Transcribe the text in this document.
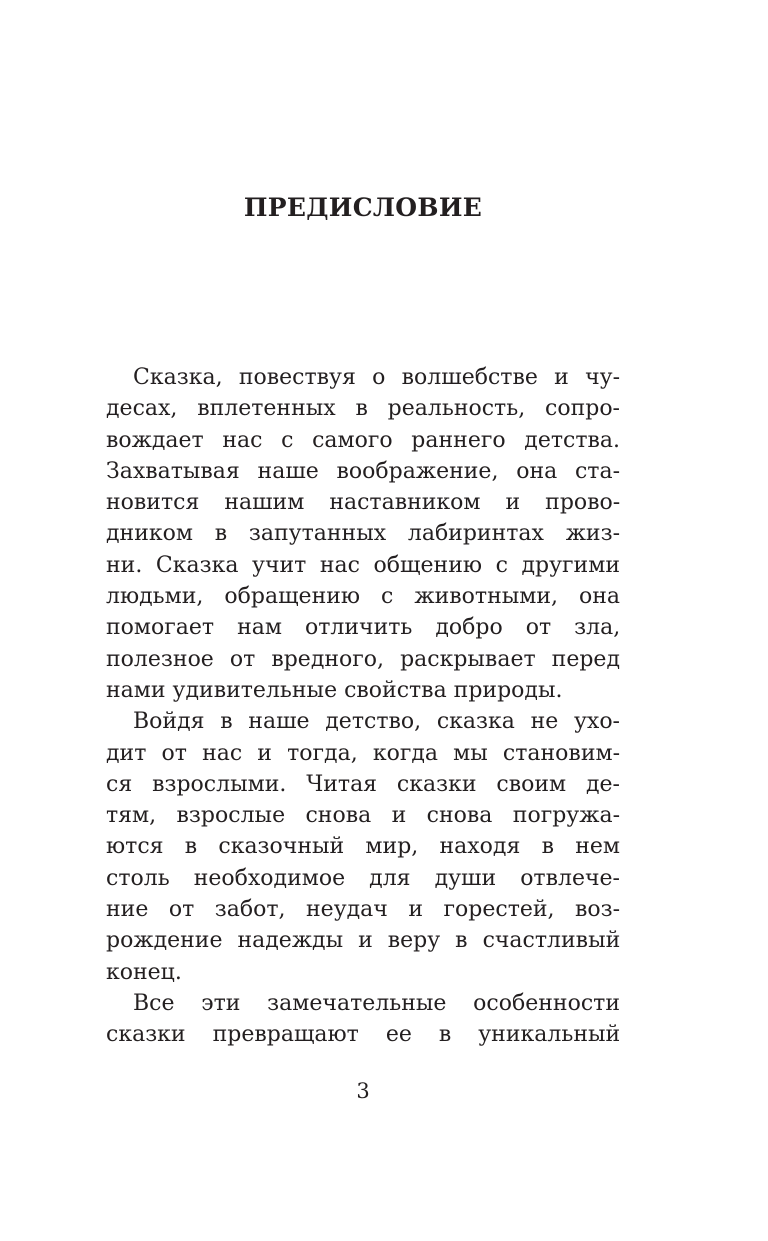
ПРЕДИСЛОВИЕ
Сказка, повествуя о волшебстве и чу-
десах, вплетенных в реальность, сопро-
вождает нас с самого раннего детства.
Захватывая наше воображение, она ста-
новится нашим наставником и прово-
дником в запутанных лабиринтах жиз-
ни. Сказка учит нас общению с другими
людьми, обращению с животными, она
помогает нам отличить добро от зла,
полезное от вредного, раскрывает перед
нами удивительные свойства природы.
Войдя в наше детство, сказка не ухо-
дит от нас и тогда, когда мы становим-
ся взрослыми. Читая сказки своим де-
тям, взрослые снова и снова погружа-
ются в сказочный мир, находя в нем
столь необходимое для души отвлече-
ние от забот, неудач и горестей, воз-
рождение надежды и веру в счастливый
конец.
Все эти замечательные особенности
сказки превращают ее в уникальный
3
